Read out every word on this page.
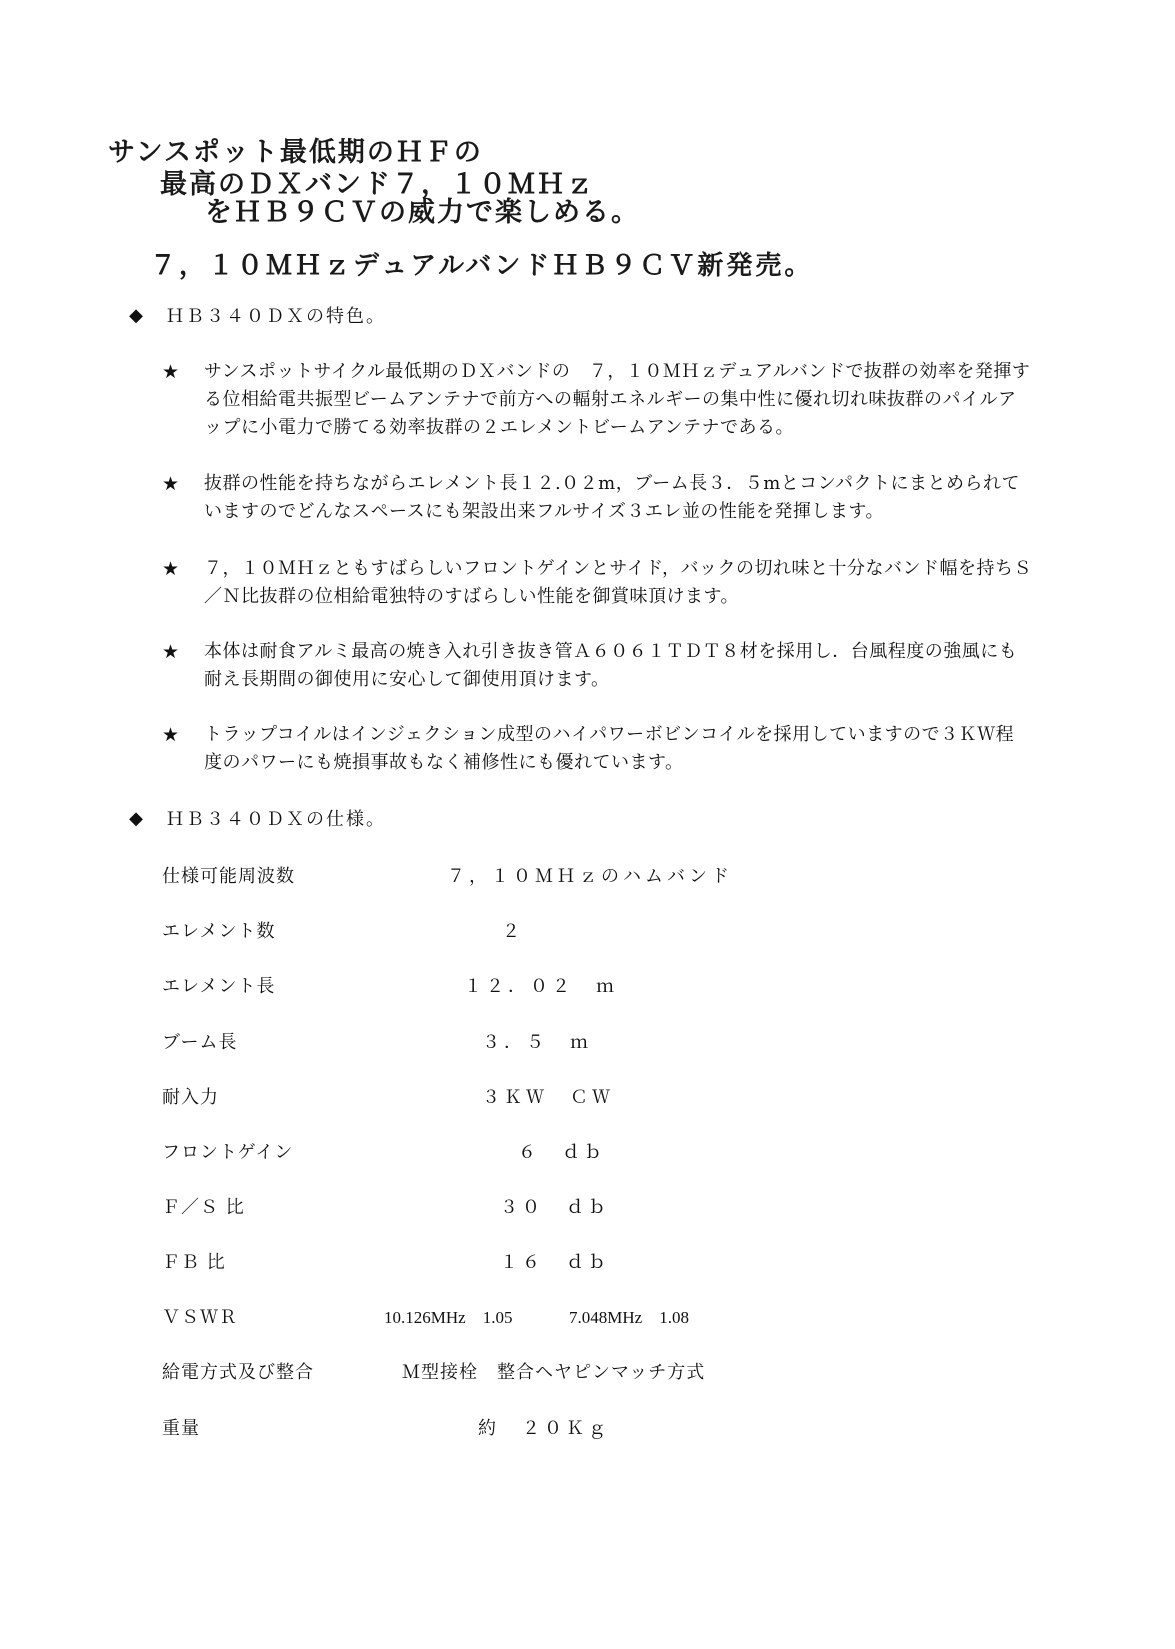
サンスポット最低期のＨＦの
最高のＤＸバンド７，１０ＭＨｚ
をＨＢ９ＣＶの威力で楽しめる。
７，１０ＭＨｚデュアルバンドＨＢ９ＣＶ新発売。
◆ ＨＢ３４０ＤＸの特色。
★	サンスポットサイクル最低期のＤＸバンドの　７，１０ＭＨｚデュアルバンドで抜群の効率を発揮する位相給電共振型ビームアンテナで前方への輻射エネルギーの集中性に優れ切れ味抜群のパイルアップに小電力で勝てる効率抜群の２エレメントビームアンテナである。
★	抜群の性能を持ちながらエレメント長１２.０２m，ブーム長３．５mとコンパクトにまとめられていますのでどんなスペースにも架設出来フルサイズ３エレ並の性能を発揮します。
★	７，１０ＭＨｚともすばらしいフロントゲインとサイド，バックの切れ味と十分なバンド幅を持ちＳ／Ｎ比抜群の位相給電独特のすばらしい性能を御賞味頂けます。
★	本体は耐食アルミ最高の焼き入れ引き抜き管Ａ６０６１ＴＤＴ８材を採用し．台風程度の強風にも耐え長期間の御使用に安心して御使用頂けます。
★	トラップコイルはインジェクション成型のハイパワーボビンコイルを採用していますので３ＫＷ程度のパワーにも焼損事故もなく補修性にも優れています。
◆ ＨＢ３４０ＤＸの仕様。
仕様可能周波数	７，１０ＭＨｚのハムバンド
エレメント数	２
エレメント長	１２．０２　ｍ
ブーム長	３．５　ｍ
耐入力	３ＫＷ　ＣＷ
フロントゲイン	６　ｄｂ
Ｆ／Ｓ 比	３０　ｄｂ
ＦＢ 比	１６　ｄｂ
ＶＳＷＲ	10.126MHz　1.05	7.048MHz　1.08
給電方式及び整合	Ｍ型接栓　整合ヘヤピンマッチ方式
重量	約　２０Ｋｇ
